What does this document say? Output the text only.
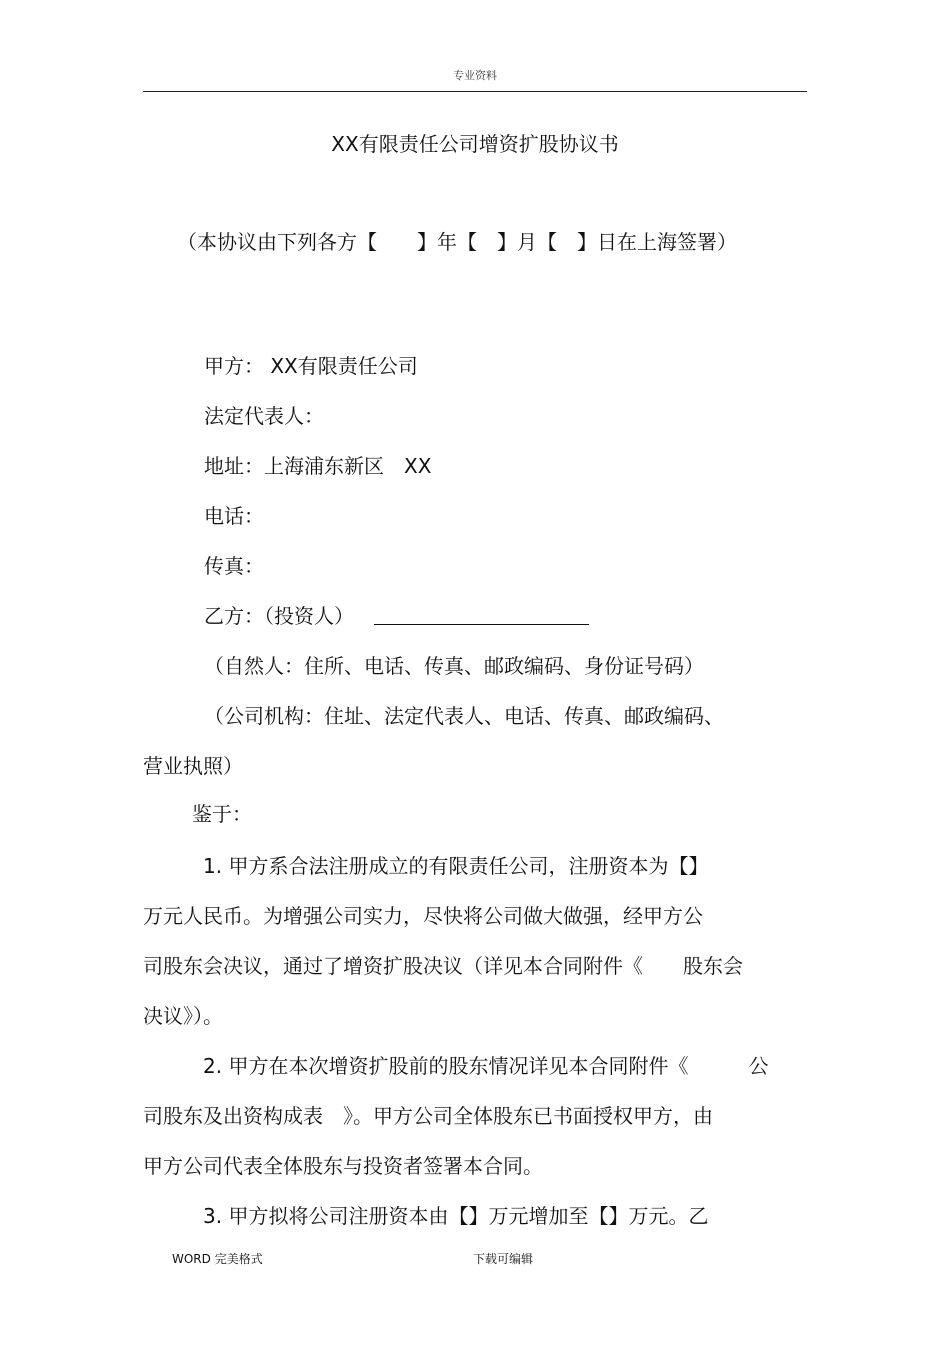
专业资料
XX有限责任公司增资扩股协议书
（本协议由下列各方【　　】年【　】月【　】日在上海签署）
甲方： XX有限责任公司
法定代表人：
地址：上海浦东新区　XX
电话：
传真：
乙方：（投资人）
（自然人：住所、电话、传真、邮政编码、身份证号码）
（公司机构：住址、法定代表人、电话、传真、邮政编码、
营业执照）
鉴于：
1. 甲方系合法注册成立的有限责任公司，注册资本为【】
万元人民币。为增强公司实力，尽快将公司做大做强，经甲方公
司股东会决议，通过了增资扩股决议（详见本合同附件《　　股东会
决议》）。
2. 甲方在本次增资扩股前的股东情况详见本合同附件《　　　公
司股东及出资构成表　》。甲方公司全体股东已书面授权甲方，由
甲方公司代表全体股东与投资者签署本合同。
3. 甲方拟将公司注册资本由【】万元增加至【】万元。乙
WORD 完美格式	下载可编辑
